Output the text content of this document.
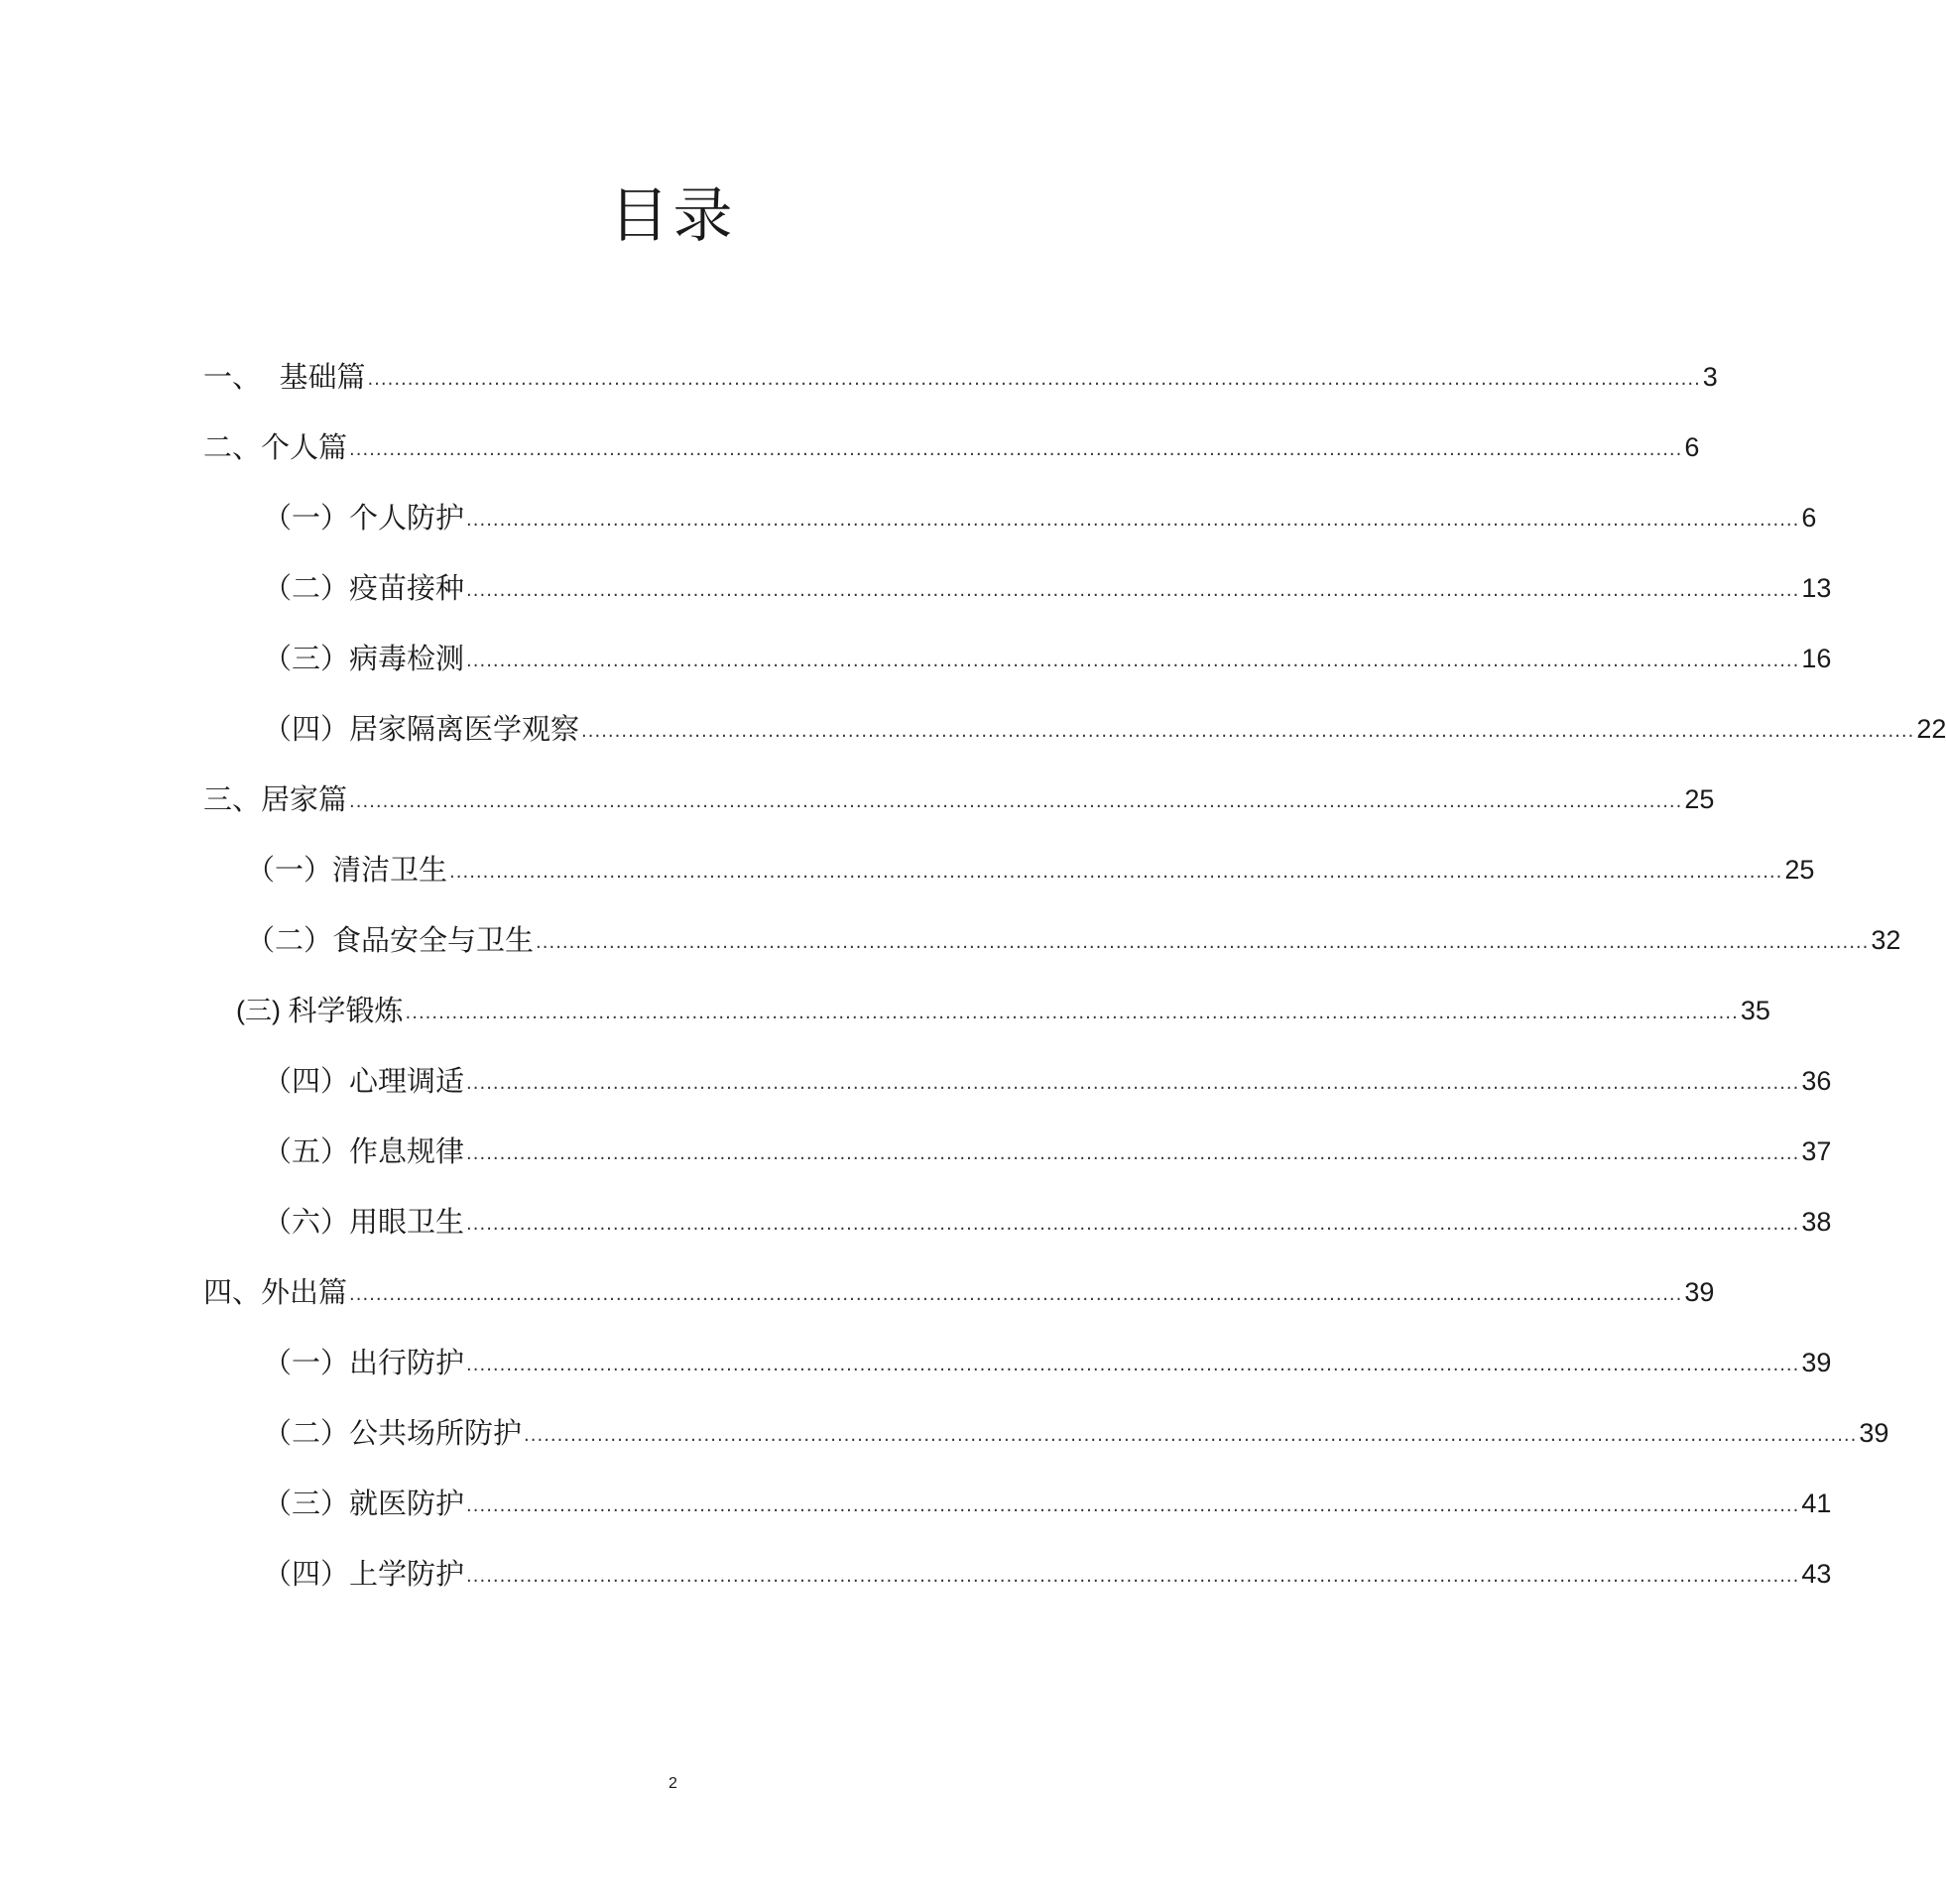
目录
一、 基础篇 ........................................................................................................................................................................................................ 3
二、 个人篇 ........................................................................................................................................................................................................ 6
（一） 个人防护 ........................................................................................................................................................................................................ 6
（二） 疫苗接种 ........................................................................................................................................................................................................ 13
（三） 病毒检测 ........................................................................................................................................................................................................ 16
（四） 居家隔离医学观察 ........................................................................................................................................................................................................ 22
三、 居家篇 ........................................................................................................................................................................................................ 25
（一） 清洁卫生 ........................................................................................................................................................................................................ 25
（二） 食品安全与卫生 ........................................................................................................................................................................................................ 32
(三) 科学锻炼 ........................................................................................................................................................................................................ 35
（四） 心理调适 ........................................................................................................................................................................................................ 36
（五） 作息规律 ........................................................................................................................................................................................................ 37
（六） 用眼卫生 ........................................................................................................................................................................................................ 38
四、 外出篇 ........................................................................................................................................................................................................ 39
（一） 出行防护 ........................................................................................................................................................................................................ 39
（二） 公共场所防护 ........................................................................................................................................................................................................ 39
（三） 就医防护 ........................................................................................................................................................................................................ 41
（四） 上学防护 ........................................................................................................................................................................................................ 43
2
